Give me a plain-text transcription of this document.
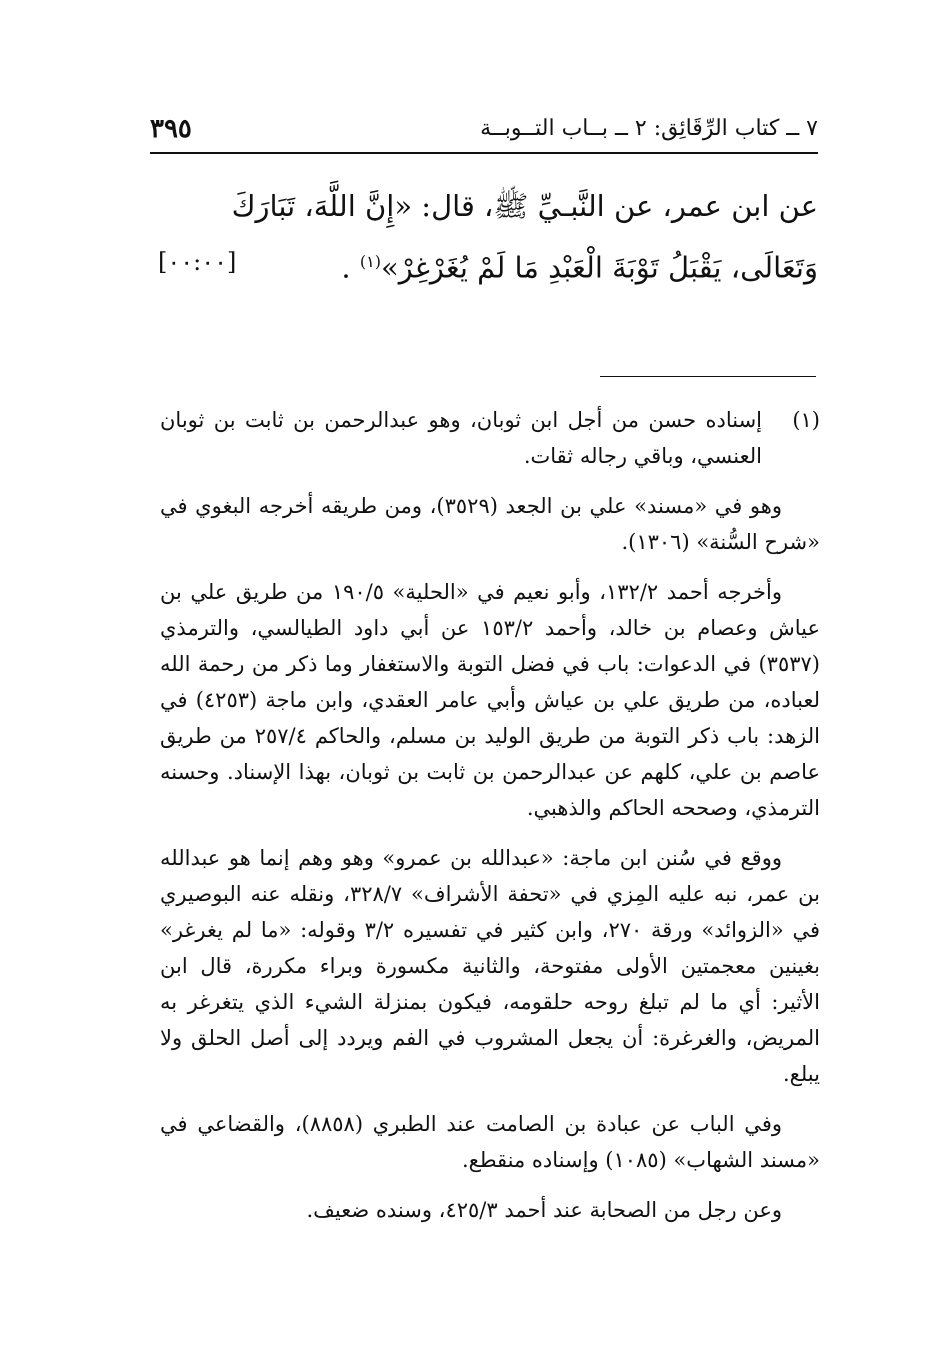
٧ ــ كتاب الرِّقَائِق: ٢ ــ بــاب التــوبــة
٣٩٥
عن ابن عمر، عن النَّبـيِّ ﷺ، قال: «إِنَّ اللَّهَ، تَبَارَكَ
وَتَعَالَى، يَقْبَلُ تَوْبَةَ الْعَبْدِ مَا لَمْ يُغَرْغِرْ»$^{(١)}$ .
[٠٠:٠٠]

(١)
إسناده حسن من أجل ابن ثوبان، وهو عبدالرحمن بن ثابت بن ثوبان العنسي، وباقي رجاله ثقات.

وهو في «مسند» علي بن الجعد (٣٥٢٩)، ومن طريقه أخرجه البغوي في «شرح السُّنة» (١٣٠٦).

وأخرجه أحمد ١٣٢/٢، وأبو نعيم في «الحلية» ١٩٠/٥ من طريق علي بن عياش وعصام بن خالد، وأحمد ١٥٣/٢ عن أبي داود الطيالسي، والترمذي (٣٥٣٧) في الدعوات: باب في فضل التوبة والاستغفار وما ذكر من رحمة الله لعباده، من طريق علي بن عياش وأبي عامر العقدي، وابن ماجة (٤٢٥٣) في الزهد: باب ذكر التوبة من طريق الوليد بن مسلم، والحاكم ٢٥٧/٤ من طريق عاصم بن علي، كلهم عن عبدالرحمن بن ثابت بن ثوبان، بهذا الإسناد. وحسنه الترمذي، وصححه الحاكم والذهبي.

ووقع في سُنن ابن ماجة: «عبدالله بن عمرو» وهو وهم إنما هو عبدالله بن عمر، نبه عليه المِزي في «تحفة الأشراف» ٣٢٨/٧، ونقله عنه البوصيري في «الزوائد» ورقة ٢٧٠، وابن كثير في تفسيره ٣/٢ وقوله: «ما لم يغرغر» بغينين معجمتين الأولى مفتوحة، والثانية مكسورة وبراء مكررة، قال ابن الأثير: أي ما لم تبلغ روحه حلقومه، فيكون بمنزلة الشيء الذي يتغرغر به المريض، والغرغرة: أن يجعل المشروب في الفم ويردد إلى أصل الحلق ولا يبلع.

وفي الباب عن عبادة بن الصامت عند الطبري (٨٨٥٨)، والقضاعي في «مسند الشهاب» (١٠٨٥) وإسناده منقطع.

وعن رجل من الصحابة عند أحمد ٤٢٥/٣، وسنده ضعيف.
